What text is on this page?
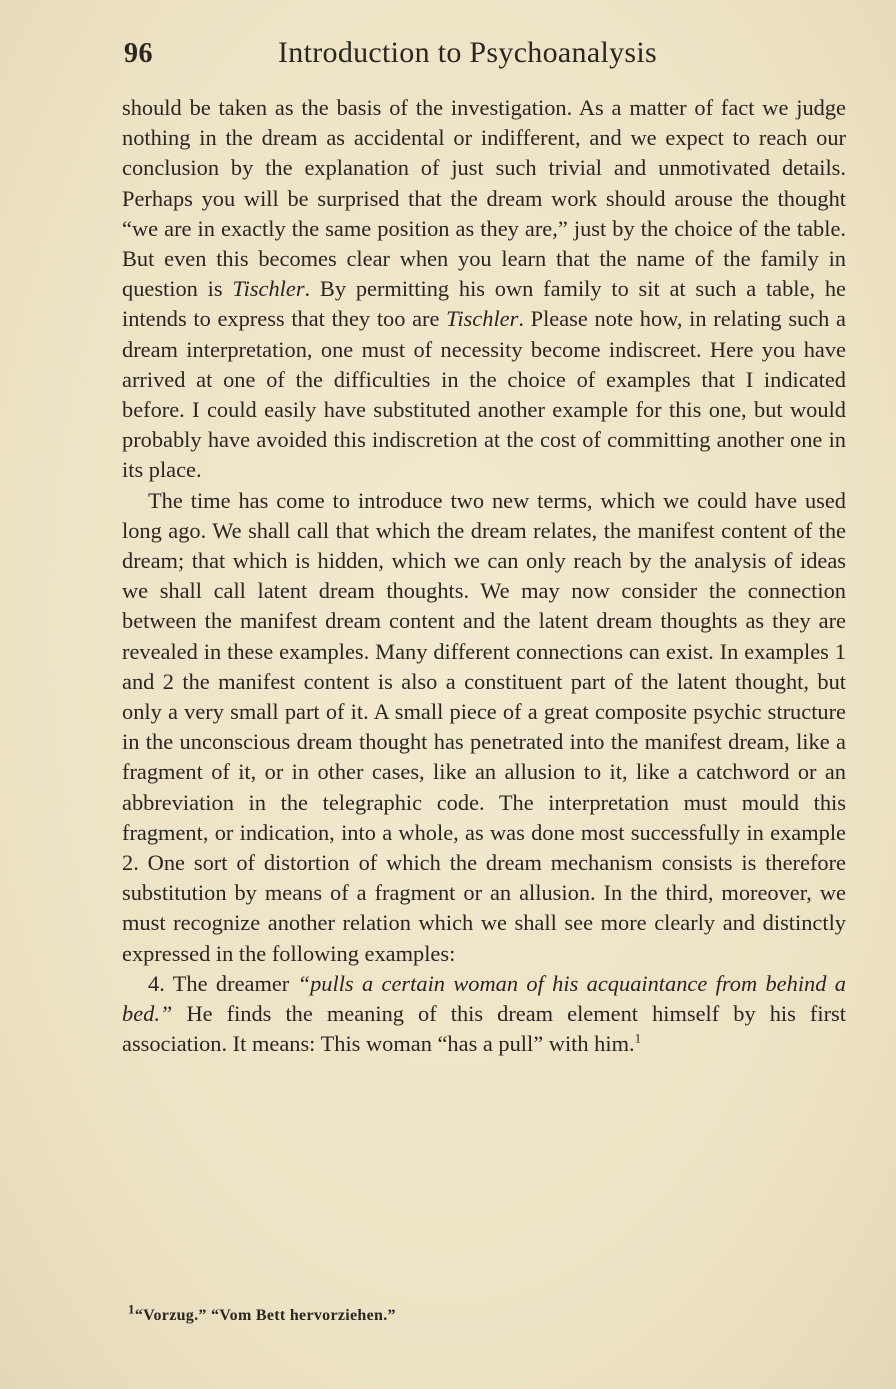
96	Introduction to Psychoanalysis

should be taken as the basis of the investigation. As a matter of fact we judge nothing in the dream as accidental or indifferent, and we expect to reach our conclusion by the explanation of just such trivial and unmotivated details. Perhaps you will be surprised that the dream work should arouse the thought “we are in exactly the same position as they are,” just by the choice of the table. But even this becomes clear when you learn that the name of the family in question is Tischler. By permitting his own family to sit at such a table, he intends to express that they too are Tischler. Please note how, in relating such a dream interpretation, one must of necessity become indiscreet. Here you have arrived at one of the difficulties in the choice of examples that I indicated before. I could easily have substituted another example for this one, but would probably have avoided this indiscretion at the cost of committing another one in its place.

The time has come to introduce two new terms, which we could have used long ago. We shall call that which the dream relates, the manifest content of the dream; that which is hidden, which we can only reach by the analysis of ideas we shall call latent dream thoughts. We may now consider the connection between the manifest dream content and the latent dream thoughts as they are revealed in these examples. Many different connections can exist. In examples 1 and 2 the manifest content is also a constituent part of the latent thought, but only a very small part of it. A small piece of a great composite psychic structure in the unconscious dream thought has penetrated into the manifest dream, like a fragment of it, or in other cases, like an allusion to it, like a catchword or an abbreviation in the telegraphic code. The interpretation must mould this fragment, or indication, into a whole, as was done most successfully in example 2. One sort of distortion of which the dream mechanism consists is therefore substitution by means of a fragment or an allusion. In the third, moreover, we must recognize another relation which we shall see more clearly and distinctly expressed in the following examples:

4. The dreamer “pulls a certain woman of his acquaintance from behind a bed.” He finds the meaning of this dream element himself by his first association. It means: This woman “has a pull” with him.$^1$

$^1$“Vorzug.” “Vom Bett hervorziehen.”
